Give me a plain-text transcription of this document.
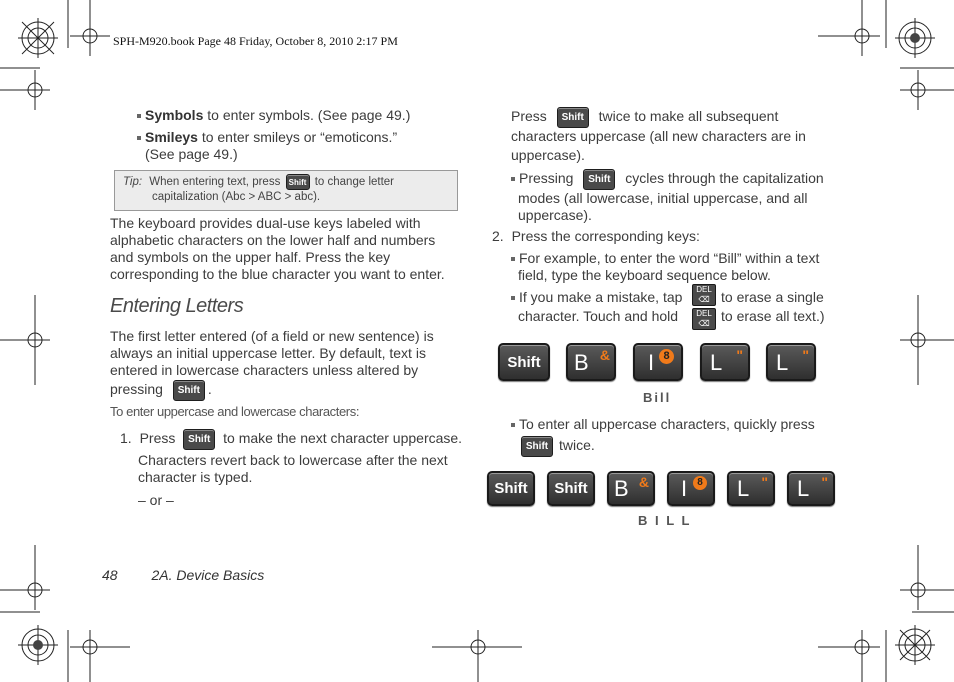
SPH-M920.book Page 48 Friday, October 8, 2010 2:17 PM
Symbols to enter symbols. (See page 49.)
Smileys to enter smileys or “emoticons.”
(See page 49.)
Tip: When entering text, press Shift to change letter
capitalization (Abc > ABC > abc).
The keyboard provides dual-use keys labeled with
alphabetic characters on the lower half and numbers
and symbols on the upper half. Press the key
corresponding to the blue character you want to enter.
Entering Letters
The first letter entered (of a field or new sentence) is
always an initial uppercase letter. By default, text is
entered in lowercase characters unless altered by
pressing Shift .
To enter uppercase and lowercase characters:
1. Press Shift to make the next character uppercase.
Characters revert back to lowercase after the next
character is typed.
– or –
Press Shift twice to make all subsequent
characters uppercase (all new characters are in
uppercase).
Pressing Shift cycles through the capitalization
modes (all lowercase, initial uppercase, and all
uppercase).
2. Press the corresponding keys:
For example, to enter the word “Bill” within a text
field, type the keyboard sequence below.
If you make a mistake, tap	DEL
⌫ to erase a single
character. Touch and hold	DEL
⌫ to erase all text.)
Shift	B & I 8 L " L "
Bill
To enter all uppercase characters, quickly press
Shift twice.
Shift	Shift B & I	8 L " L "
B I L L
48 2A. Device Basics
